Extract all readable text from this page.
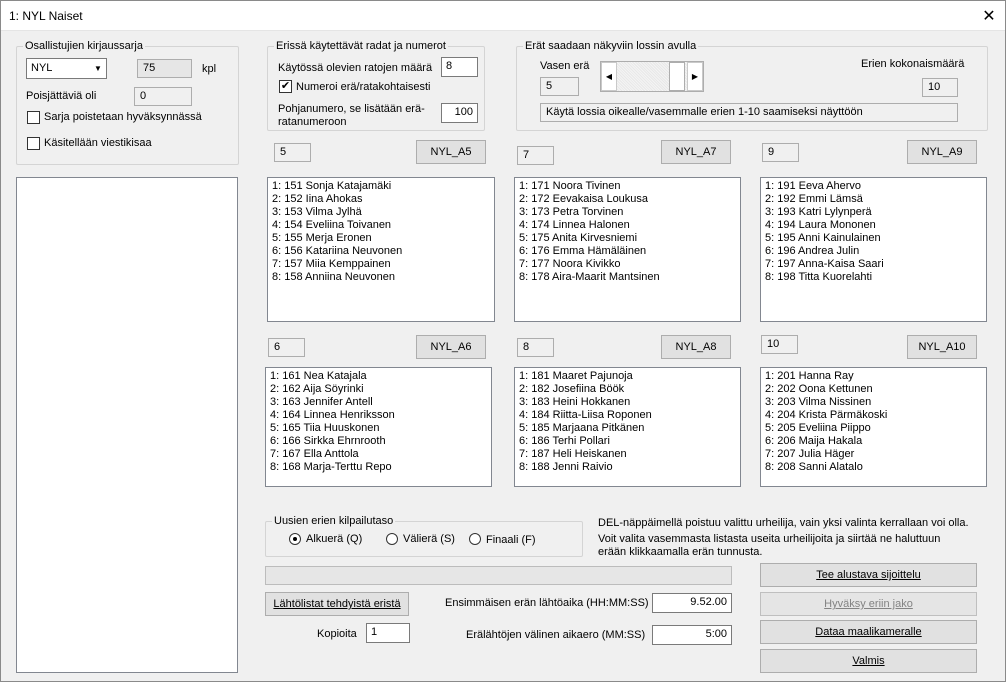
1: NYL Naiset	✕
Osallistujien kirjaussarja
NYL	▼	75	kpl
Poisjättäviä oli	0
Sarja poistetaan hyväksynnässä
Käsitellään viestikisaa
Erissä käytettävät radat ja numerot
Käytössä olevien ratojen määrä	8
✔ Numeroi erä/ratakohtaisesti
Pohjanumero, se lisätään erä-
ratanumeroon
100
Erät saadaan näkyviin lossin avulla
Vasen erä
5
◀	▶
Erien kokonaismäärä
10
Käytä lossia oikealle/vasemmalle erien 1-10 saamiseksi näyttöön
5	NYL_A5
1: 151 Sonja Katajamäki
2: 152 Iina Ahokas
3: 153 Vilma Jylhä
4: 154 Eveliina Toivanen
5: 155 Merja Eronen
6: 156 Katariina Neuvonen
7: 157 Miia Kemppainen
8: 158 Anniina Neuvonen
7	NYL_A7
1: 171 Noora Tivinen
2: 172 Eevakaisa Loukusa
3: 173 Petra Torvinen
4: 174 Linnea Halonen
5: 175 Anita Kirvesniemi
6: 176 Emma Hämäläinen
7: 177 Noora Kivikko
8: 178 Aira-Maarit Mantsinen
9	NYL_A9
1: 191 Eeva Ahervo
2: 192 Emmi Lämsä
3: 193 Katri Lylynperä
4: 194 Laura Mononen
5: 195 Anni Kainulainen
6: 196 Andrea Julin
7: 197 Anna-Kaisa Saari
8: 198 Titta Kuorelahti
6	NYL_A6
1: 161 Nea Katajala
2: 162 Aija Söyrinki
3: 163 Jennifer Antell
4: 164 Linnea Henriksson
5: 165 Tiia Huuskonen
6: 166 Sirkka Ehrnrooth
7: 167 Ella Anttola
8: 168 Marja-Terttu Repo
8	NYL_A8
1: 181 Maaret Pajunoja
2: 182 Josefiina Böök
3: 183 Heini Hokkanen
4: 184 Riitta-Liisa Roponen
5: 185 Marjaana Pitkänen
6: 186 Terhi Pollari
7: 187 Heli Heiskanen
8: 188 Jenni Raivio
10	NYL_A10
1: 201 Hanna Ray
2: 202 Oona Kettunen
3: 203 Vilma Nissinen
4: 204 Krista Pärmäkoski
5: 205 Eveliina Piippo
6: 206 Maija Hakala
7: 207 Julia Häger
8: 208 Sanni Alatalo
Uusien erien kilpailutaso
Alkuerä (Q)	Välierä (S)	Finaali (F)
DEL-näppäimellä poistuu valittu urheilija, vain yksi valinta kerrallaan voi olla.
Voit valita vasemmasta listasta useita urheilijoita ja siirtää ne haluttuun
erään klikkaamalla erän tunnusta.
Lähtölistat tehdyistä eristä
Kopioita	1
Ensimmäisen erän lähtöaika (HH:MM:SS)	9.52.00
Erälähtöjen välinen aikaero (MM:SS)	5:00
Tee alustava sijoittelu
Hyväksy eriin jako
Dataa maalikameralle
Valmis
